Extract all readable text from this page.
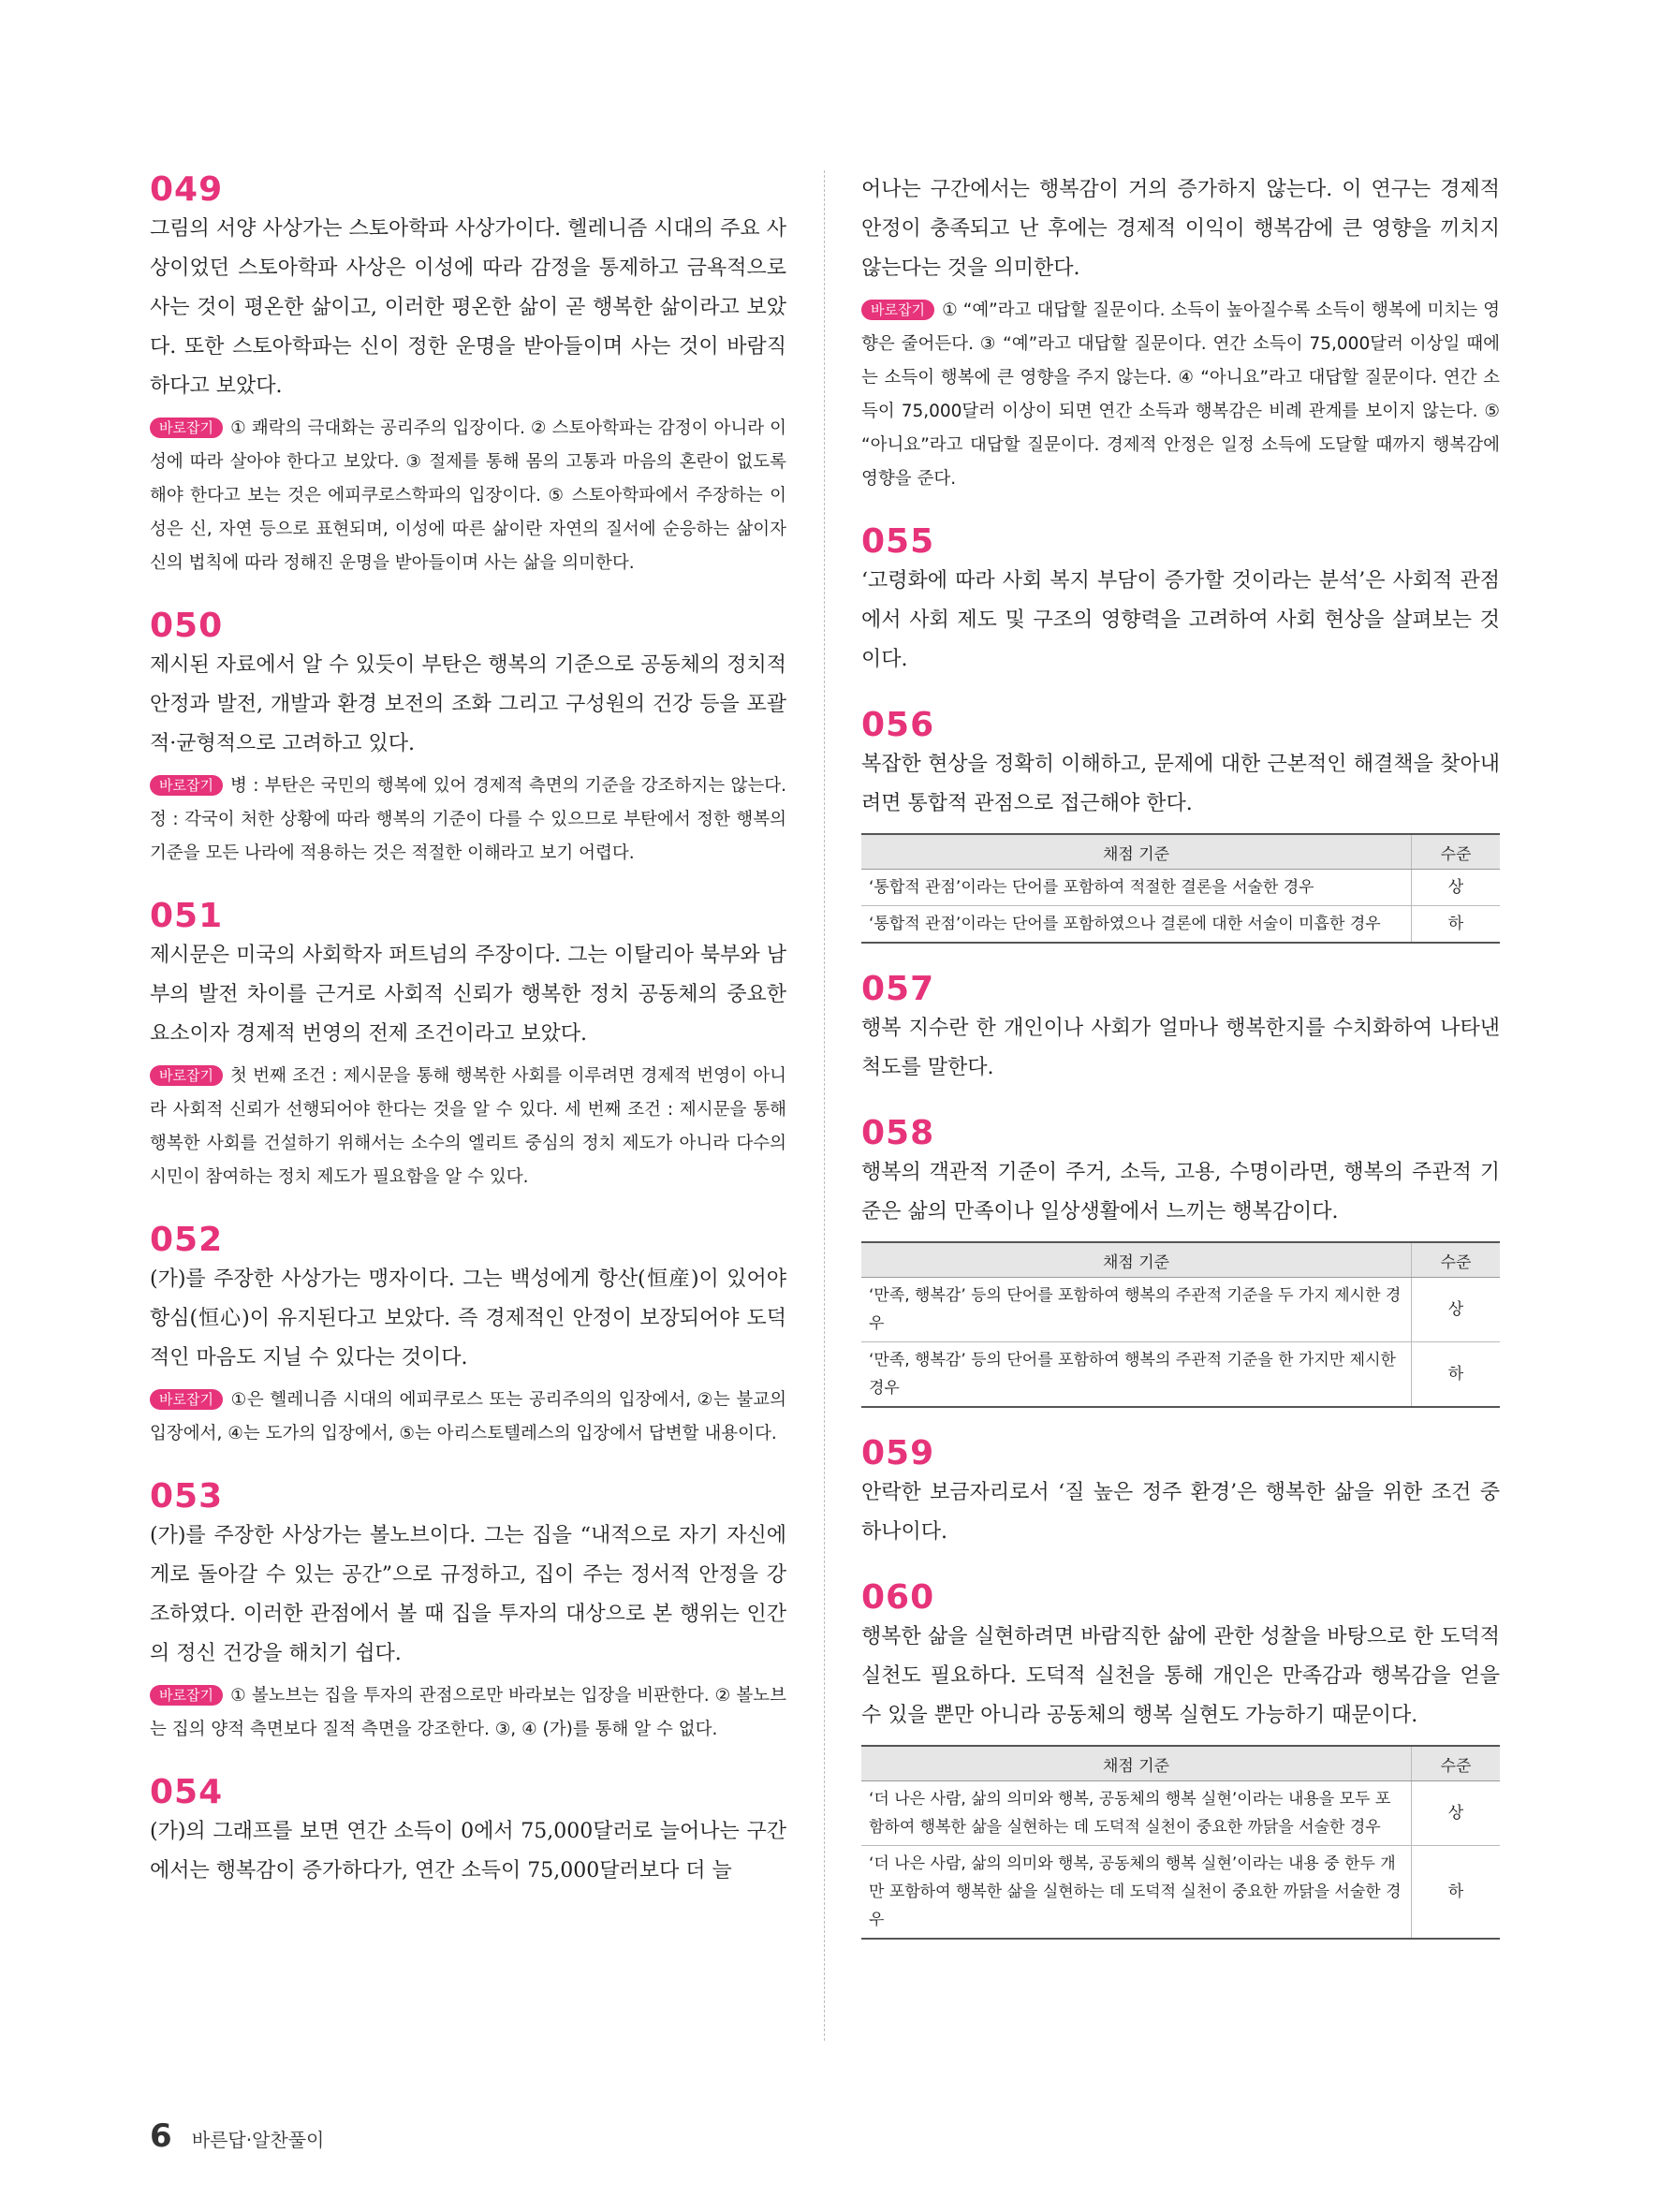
049

그림의 서양 사상가는 스토아학파 사상가이다. 헬레니즘 시대의 주요 사상이었던 스토아학파 사상은 이성에 따라 감정을 통제하고 금욕적으로 사는 것이 평온한 삶이고, 이러한 평온한 삶이 곧 행복한 삶이라고 보았다. 또한 스토아학파는 신이 정한 운명을 받아들이며 사는 것이 바람직하다고 보았다.

바로잡기 ① 쾌락의 극대화는 공리주의 입장이다. ② 스토아학파는 감정이 아니라 이성에 따라 살아야 한다고 보았다. ③ 절제를 통해 몸의 고통과 마음의 혼란이 없도록 해야 한다고 보는 것은 에피쿠로스학파의 입장이다. ⑤ 스토아학파에서 주장하는 이성은 신, 자연 등으로 표현되며, 이성에 따른 삶이란 자연의 질서에 순응하는 삶이자 신의 법칙에 따라 정해진 운명을 받아들이며 사는 삶을 의미한다.

050

제시된 자료에서 알 수 있듯이 부탄은 행복의 기준으로 공동체의 정치적 안정과 발전, 개발과 환경 보전의 조화 그리고 구성원의 건강 등을 포괄적·균형적으로 고려하고 있다.

바로잡기 병 : 부탄은 국민의 행복에 있어 경제적 측면의 기준을 강조하지는 않는다. 정 : 각국이 처한 상황에 따라 행복의 기준이 다를 수 있으므로 부탄에서 정한 행복의 기준을 모든 나라에 적용하는 것은 적절한 이해라고 보기 어렵다.

051

제시문은 미국의 사회학자 퍼트넘의 주장이다. 그는 이탈리아 북부와 남부의 발전 차이를 근거로 사회적 신뢰가 행복한 정치 공동체의 중요한 요소이자 경제적 번영의 전제 조건이라고 보았다.

바로잡기 첫 번째 조건 : 제시문을 통해 행복한 사회를 이루려면 경제적 번영이 아니라 사회적 신뢰가 선행되어야 한다는 것을 알 수 있다. 세 번째 조건 : 제시문을 통해 행복한 사회를 건설하기 위해서는 소수의 엘리트 중심의 정치 제도가 아니라 다수의 시민이 참여하는 정치 제도가 필요함을 알 수 있다.

052

(가)를 주장한 사상가는 맹자이다. 그는 백성에게 항산(恒産)이 있어야 항심(恒心)이 유지된다고 보았다. 즉 경제적인 안정이 보장되어야 도덕적인 마음도 지닐 수 있다는 것이다.

바로잡기 ①은 헬레니즘 시대의 에피쿠로스 또는 공리주의의 입장에서, ②는 불교의 입장에서, ④는 도가의 입장에서, ⑤는 아리스토텔레스의 입장에서 답변할 내용이다.

053

(가)를 주장한 사상가는 볼노브이다. 그는 집을 “내적으로 자기 자신에게로 돌아갈 수 있는 공간”으로 규정하고, 집이 주는 정서적 안정을 강조하였다. 이러한 관점에서 볼 때 집을 투자의 대상으로 본 행위는 인간의 정신 건강을 해치기 쉽다.

바로잡기 ① 볼노브는 집을 투자의 관점으로만 바라보는 입장을 비판한다. ② 볼노브는 집의 양적 측면보다 질적 측면을 강조한다. ③, ④ (가)를 통해 알 수 없다.

054

(가)의 그래프를 보면 연간 소득이 0에서 75,000달러로 늘어나는 구간에서는 행복감이 증가하다가, 연간 소득이 75,000달러보다 더 늘

어나는 구간에서는 행복감이 거의 증가하지 않는다. 이 연구는 경제적 안정이 충족되고 난 후에는 경제적 이익이 행복감에 큰 영향을 끼치지 않는다는 것을 의미한다.

바로잡기 ① “예”라고 대답할 질문이다. 소득이 높아질수록 소득이 행복에 미치는 영향은 줄어든다. ③ “예”라고 대답할 질문이다. 연간 소득이 75,000달러 이상일 때에는 소득이 행복에 큰 영향을 주지 않는다. ④ “아니요”라고 대답할 질문이다. 연간 소득이 75,000달러 이상이 되면 연간 소득과 행복감은 비례 관계를 보이지 않는다. ⑤ “아니요”라고 대답할 질문이다. 경제적 안정은 일정 소득에 도달할 때까지 행복감에 영향을 준다.

055

‘고령화에 따라 사회 복지 부담이 증가할 것이라는 분석’은 사회적 관점에서 사회 제도 및 구조의 영향력을 고려하여 사회 현상을 살펴보는 것이다.

056

복잡한 현상을 정확히 이해하고, 문제에 대한 근본적인 해결책을 찾아내려면 통합적 관점으로 접근해야 한다.

채점 기준	수준
‘통합적 관점’이라는 단어를 포함하여 적절한 결론을 서술한 경우	상
‘통합적 관점’이라는 단어를 포함하였으나 결론에 대한 서술이 미흡한 경우	하
057

행복 지수란 한 개인이나 사회가 얼마나 행복한지를 수치화하여 나타낸 척도를 말한다.

058

행복의 객관적 기준이 주거, 소득, 고용, 수명이라면, 행복의 주관적 기준은 삶의 만족이나 일상생활에서 느끼는 행복감이다.

채점 기준	수준
‘만족, 행복감’ 등의 단어를 포함하여 행복의 주관적 기준을 두 가지 제시한 경우	상
‘만족, 행복감’ 등의 단어를 포함하여 행복의 주관적 기준을 한 가지만 제시한 경우	하
059

안락한 보금자리로서 ‘질 높은 정주 환경’은 행복한 삶을 위한 조건 중 하나이다.

060

행복한 삶을 실현하려면 바람직한 삶에 관한 성찰을 바탕으로 한 도덕적 실천도 필요하다. 도덕적 실천을 통해 개인은 만족감과 행복감을 얻을 수 있을 뿐만 아니라 공동체의 행복 실현도 가능하기 때문이다.

채점 기준	수준
‘더 나은 사람, 삶의 의미와 행복, 공동체의 행복 실현’이라는 내용을 모두 포함하여 행복한 삶을 실현하는 데 도덕적 실천이 중요한 까닭을 서술한 경우	상
‘더 나은 사람, 삶의 의미와 행복, 공동체의 행복 실현’이라는 내용 중 한두 개만 포함하여 행복한 삶을 실현하는 데 도덕적 실천이 중요한 까닭을 서술한 경우	하
6 바른답·알찬풀이
